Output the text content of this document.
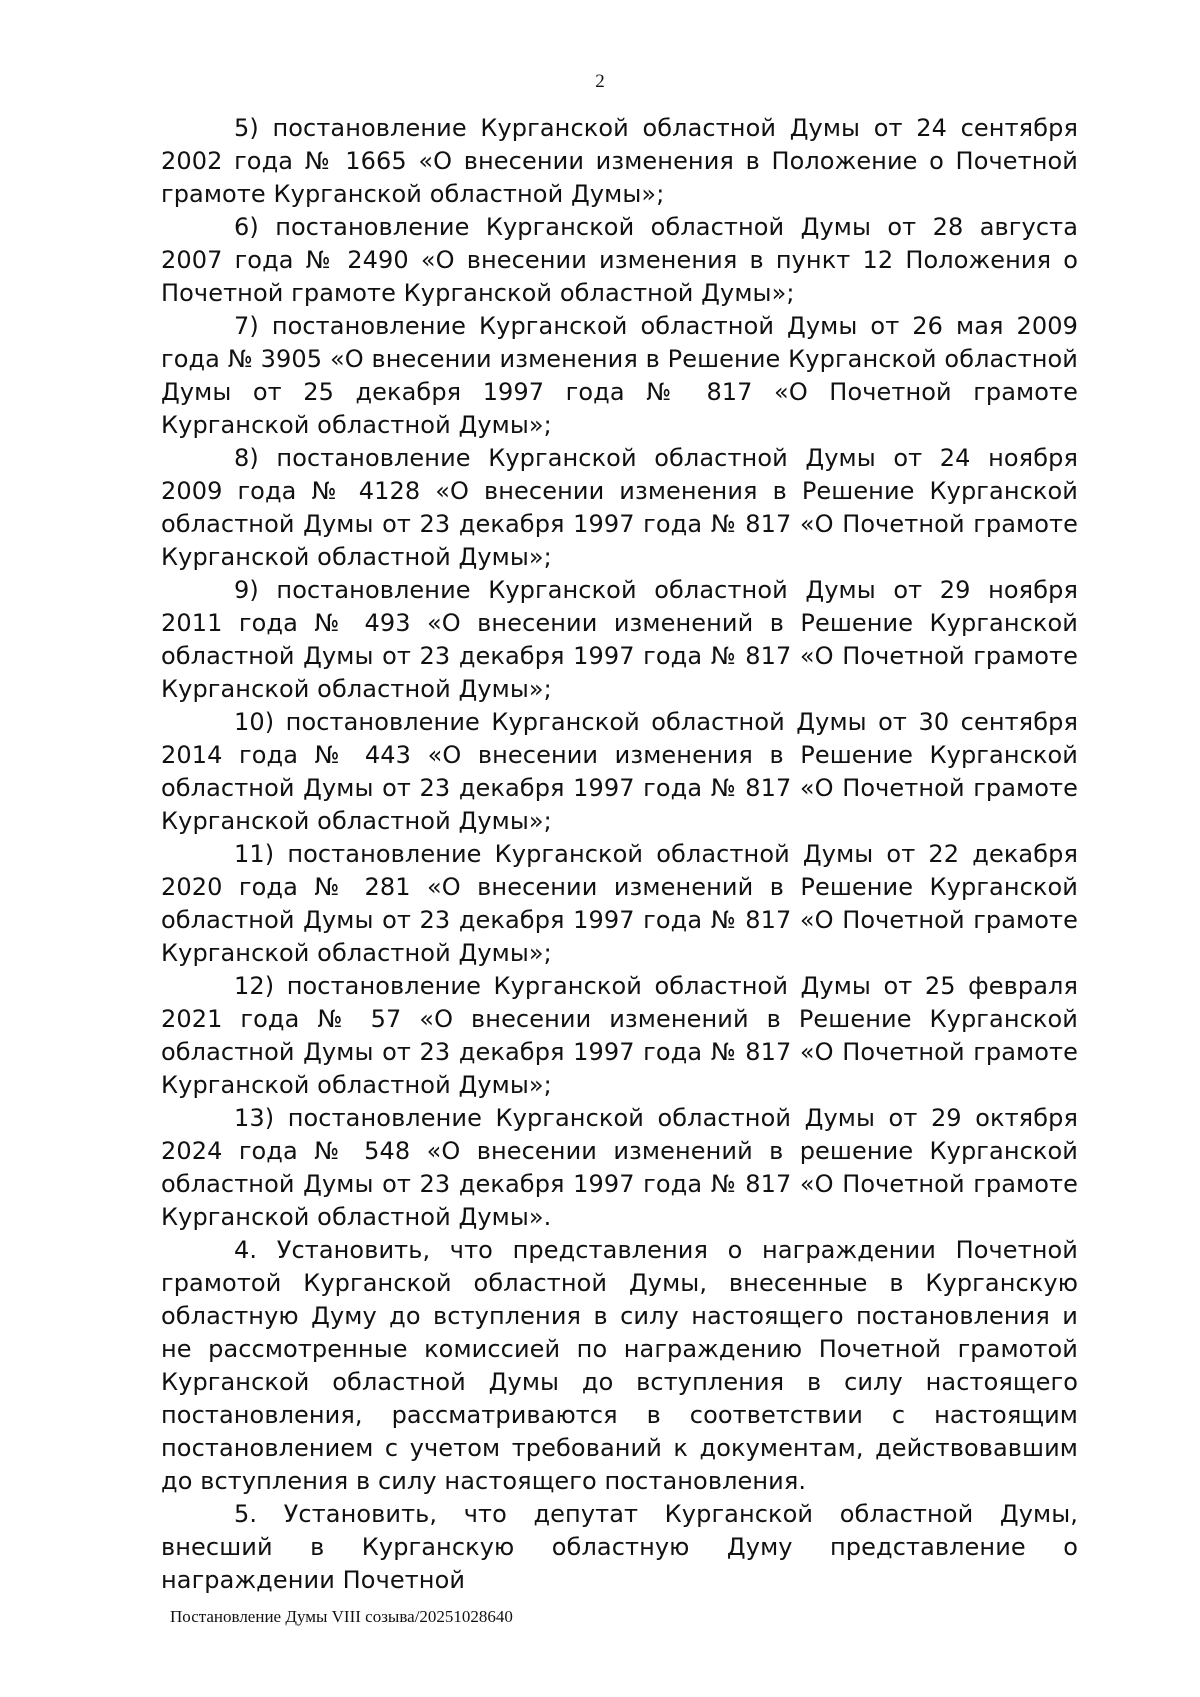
2

5) постановление Курганской областной Думы от 24 сентября 2002 года № 1665 «О внесении изменения в Положение о Почетной грамоте Курганской областной Думы»;

6) постановление Курганской областной Думы от 28 августа 2007 года № 2490 «О внесении изменения в пункт 12 Положения о Почетной грамоте Курганской областной Думы»;

7) постановление Курганской областной Думы от 26 мая 2009 года № 3905 «О внесении изменения в Решение Курганской областной Думы от 25 декабря 1997 года № 817 «О Почетной грамоте Курганской областной Думы»;

8) постановление Курганской областной Думы от 24 ноября 2009 года № 4128 «О внесении изменения в Решение Курганской областной Думы от 23 декабря 1997 года № 817 «О Почетной грамоте Курганской областной Думы»;

9) постановление Курганской областной Думы от 29 ноября 2011 года № 493 «О внесении изменений в Решение Курганской областной Думы от 23 декабря 1997 года № 817 «О Почетной грамоте Курганской областной Думы»;

10) постановление Курганской областной Думы от 30 сентября 2014 года № 443 «О внесении изменения в Решение Курганской областной Думы от 23 декабря 1997 года № 817 «О Почетной грамоте Курганской областной Думы»;

11) постановление Курганской областной Думы от 22 декабря 2020 года № 281 «О внесении изменений в Решение Курганской областной Думы от 23 декабря 1997 года № 817 «О Почетной грамоте Курганской областной Думы»;

12) постановление Курганской областной Думы от 25 февраля 2021 года № 57 «О внесении изменений в Решение Курганской областной Думы от 23 декабря 1997 года № 817 «О Почетной грамоте Курганской областной Думы»;

13) постановление Курганской областной Думы от 29 октября 2024 года № 548 «О внесении изменений в решение Курганской областной Думы от 23 декабря 1997 года № 817 «О Почетной грамоте Курганской областной Думы».

4. Установить, что представления о награждении Почетной грамотой Курганской областной Думы, внесенные в Курганскую областную Думу до вступления в силу настоящего постановления и не рассмотренные комиссией по награждению Почетной грамотой Курганской областной Думы до вступления в силу настоящего постановления, рассматриваются в соответствии с настоящим постановлением с учетом требований к документам, действовавшим до вступления в силу настоящего постановления.

5. Установить, что депутат Курганской областной Думы, внесший в Курганскую областную Думу представление о награждении Почетной

Постановление Думы VIII созыва/20251028640
